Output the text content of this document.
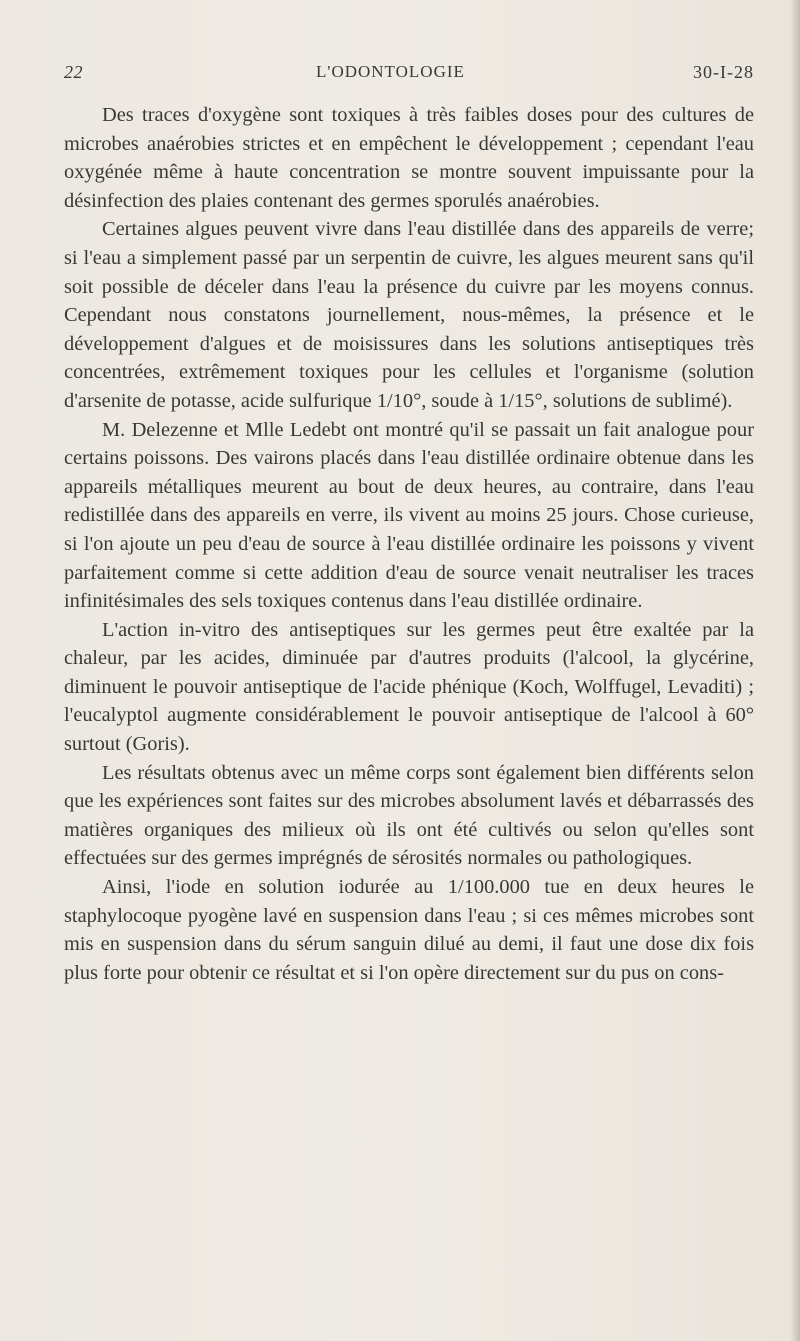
22	L'ODONTOLOGIE	30-I-28

Des traces d'oxygène sont toxiques à très faibles doses pour des cultures de microbes anaérobies strictes et en empêchent le développement ; cependant l'eau oxygénée même à haute concentration se montre souvent impuissante pour la désinfection des plaies contenant des germes sporulés anaérobies.

Certaines algues peuvent vivre dans l'eau distillée dans des appareils de verre; si l'eau a simplement passé par un serpentin de cuivre, les algues meurent sans qu'il soit possible de déceler dans l'eau la présence du cuivre par les moyens connus. Cependant nous constatons journellement, nous-mêmes, la présence et le développement d'algues et de moisissures dans les solutions antiseptiques très concentrées, extrêmement toxiques pour les cellules et l'organisme (solution d'arsenite de potasse, acide sulfurique 1/10°, soude à 1/15°, solutions de sublimé).

M. Delezenne et Mlle Ledebt ont montré qu'il se passait un fait analogue pour certains poissons. Des vairons placés dans l'eau distillée ordinaire obtenue dans les appareils métalliques meurent au bout de deux heures, au contraire, dans l'eau redistillée dans des appareils en verre, ils vivent au moins 25 jours. Chose curieuse, si l'on ajoute un peu d'eau de source à l'eau distillée ordinaire les poissons y vivent parfaitement comme si cette addition d'eau de source venait neutraliser les traces infinitésimales des sels toxiques contenus dans l'eau distillée ordinaire.

L'action in-vitro des antiseptiques sur les germes peut être exaltée par la chaleur, par les acides, diminuée par d'autres produits (l'alcool, la glycérine, diminuent le pouvoir antiseptique de l'acide phénique (Koch, Wolffugel, Levaditi) ; l'eucalyptol augmente considérablement le pouvoir antiseptique de l'alcool à 60° surtout (Goris).

Les résultats obtenus avec un même corps sont également bien différents selon que les expériences sont faites sur des microbes absolument lavés et débarrassés des matières organiques des milieux où ils ont été cultivés ou selon qu'elles sont effectuées sur des germes imprégnés de sérosités normales ou pathologiques.

Ainsi, l'iode en solution iodurée au 1/100.000 tue en deux heures le staphylocoque pyogène lavé en suspension dans l'eau ; si ces mêmes microbes sont mis en suspension dans du sérum sanguin dilué au demi, il faut une dose dix fois plus forte pour obtenir ce résultat et si l'on opère directement sur du pus on cons-
